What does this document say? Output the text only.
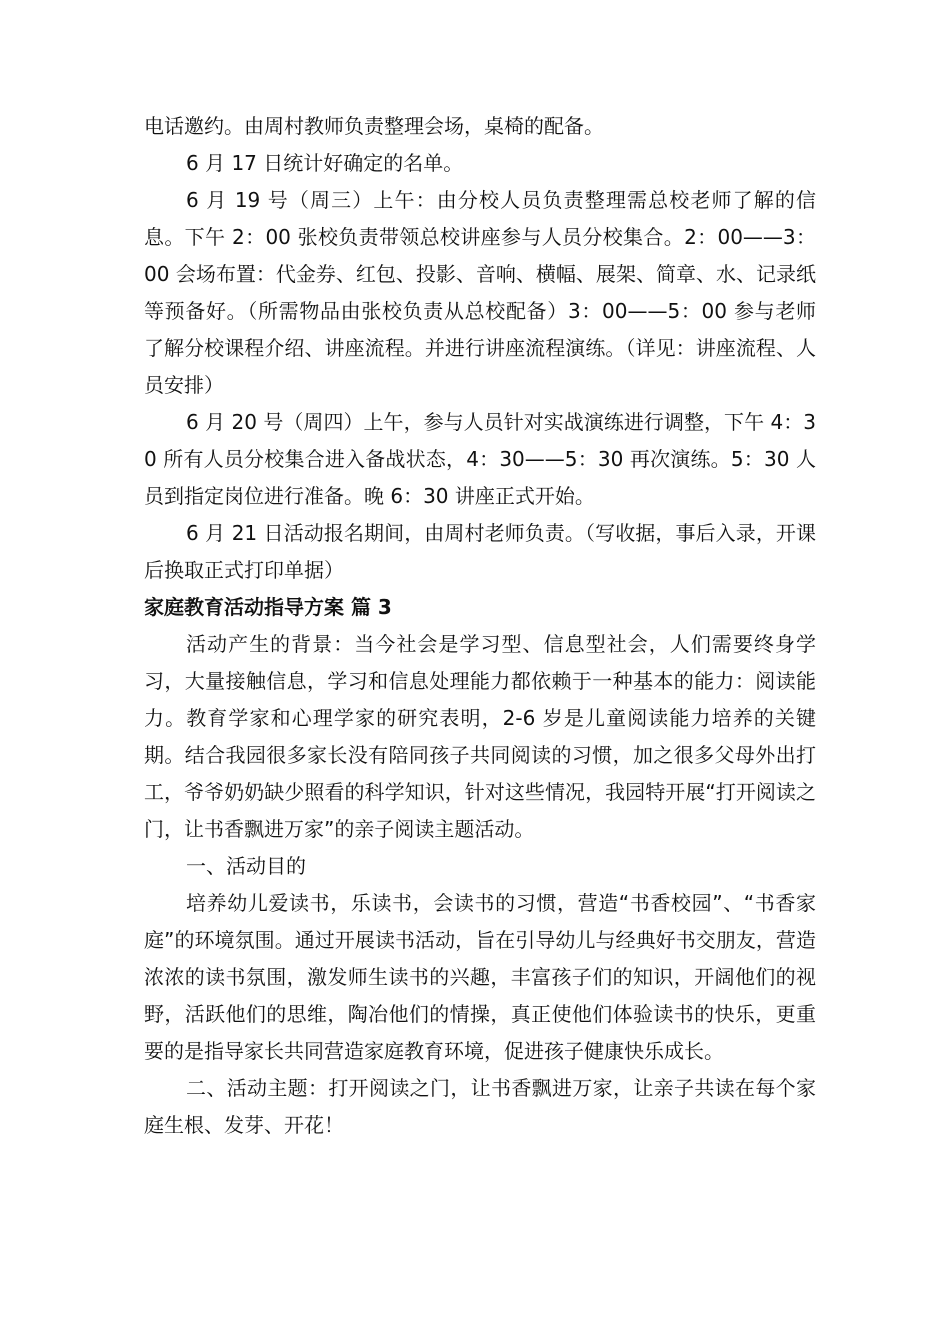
电话邀约。由周村教师负责整理会场，桌椅的配备。

6 月 17 日统计好确定的名单。

6 月 19 号（周三）上午：由分校人员负责整理需总校老师了解的信息。下午 2：00 张校负责带领总校讲座参与人员分校集合。2：00——3：00 会场布置：代金券、红包、投影、音响、横幅、展架、简章、水、记录纸等预备好。（所需物品由张校负责从总校配备）3：00——5：00 参与老师了解分校课程介绍、讲座流程。并进行讲座流程演练。（详见：讲座流程、人员安排）

6 月 20 号（周四）上午，参与人员针对实战演练进行调整，下午 4：30 所有人员分校集合进入备战状态，4：30——5：30 再次演练。5：30 人员到指定岗位进行准备。晚 6：30 讲座正式开始。

6 月 21 日活动报名期间，由周村老师负责。（写收据，事后入录，开课后换取正式打印单据）

家庭教育活动指导方案 篇 3

活动产生的背景：当今社会是学习型、信息型社会，人们需要终身学习，大量接触信息，学习和信息处理能力都依赖于一种基本的能力：阅读能力。教育学家和心理学家的研究表明，2-6 岁是儿童阅读能力培养的关键期。结合我园很多家长没有陪同孩子共同阅读的习惯，加之很多父母外出打工，爷爷奶奶缺少照看的科学知识，针对这些情况，我园特开展“打开阅读之门，让书香飘进万家”的亲子阅读主题活动。

一、活动目的

培养幼儿爱读书，乐读书，会读书的习惯，营造“书香校园”、“书香家庭”的环境氛围。通过开展读书活动，旨在引导幼儿与经典好书交朋友，营造浓浓的读书氛围，激发师生读书的兴趣，丰富孩子们的知识，开阔他们的视野，活跃他们的思维，陶冶他们的情操，真正使他们体验读书的快乐，更重要的是指导家长共同营造家庭教育环境，促进孩子健康快乐成长。

二、活动主题：打开阅读之门，让书香飘进万家，让亲子共读在每个家庭生根、发芽、开花！
